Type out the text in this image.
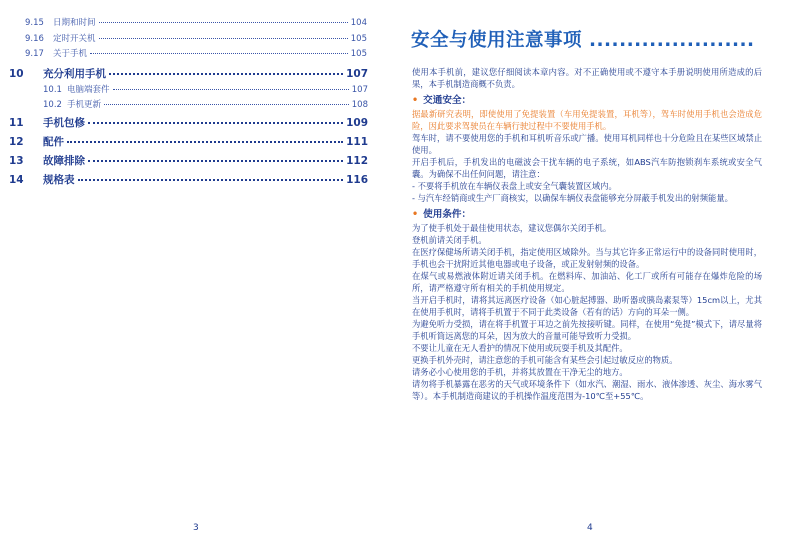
9.15	日期和时间	104
9.16	定时开关机	105
9.17	关于手机	105
10	充分利用手机	107
10.1 电脑端套件	107
10.2 手机更新	108
11	手机包修	109
12	配件	111
13	故障排除	112
14	规格表	116
3
安全与使用注意事项 ......................

使用本手机前，建议您仔细阅读本章内容。对不正确使用或不遵守本手册说明使用所造成的后果，本手机制造商概不负责。

• 交通安全：

据最新研究表明，即使使用了免提装置（车用免提装置，耳机等），驾车时使用手机也会造成危险，因此要求驾驶员在车辆行驶过程中不要使用手机。

驾车时，请不要使用您的手机和耳机听音乐或广播。使用耳机同样也十分危险且在某些区域禁止使用。

开启手机后，手机发出的电磁波会干扰车辆的电子系统，如ABS汽车防抱锁刹车系统或安全气囊。为确保不出任何问题，请注意：

- 不要将手机放在车辆仪表盘上或安全气囊装置区域内。

- 与汽车经销商或生产厂商核实，以确保车辆仪表盘能够充分屏蔽手机发出的射频能量。

• 使用条件：

为了使手机处于最佳使用状态，建议您偶尔关闭手机。

登机前请关闭手机。

在医疗保健场所请关闭手机，指定使用区域除外。当与其它许多正常运行中的设备同时使用时，手机也会干扰附近其他电器或电子设备，或正发射射频的设备。

在煤气或易燃液体附近请关闭手机。在燃料库、加油站、化工厂或所有可能存在爆炸危险的场所，请严格遵守所有相关的手机使用规定。

当开启手机时，请将其远离医疗设备（如心脏起搏器、助听器或胰岛素泵等）15cm以上，尤其在使用手机时，请将手机置于不同于此类设备（若有的话）方向的耳朵一侧。

为避免听力受损，请在将手机置于耳边之前先按接听键。同样，在使用“免提”模式下，请尽量将手机听筒远离您的耳朵，因为放大的音量可能导致听力受损。

不要让儿童在无人看护的情况下使用或玩耍手机及其配件。

更换手机外壳时，请注意您的手机可能含有某些会引起过敏反应的物质。

请务必小心使用您的手机，并将其放置在干净无尘的地方。

请勿将手机暴露在恶劣的天气或环境条件下（如水汽、潮湿、雨水、液体渗透、灰尘、海水雾气等）。本手机制造商建议的手机操作温度范围为-10℃至+55℃。

4
